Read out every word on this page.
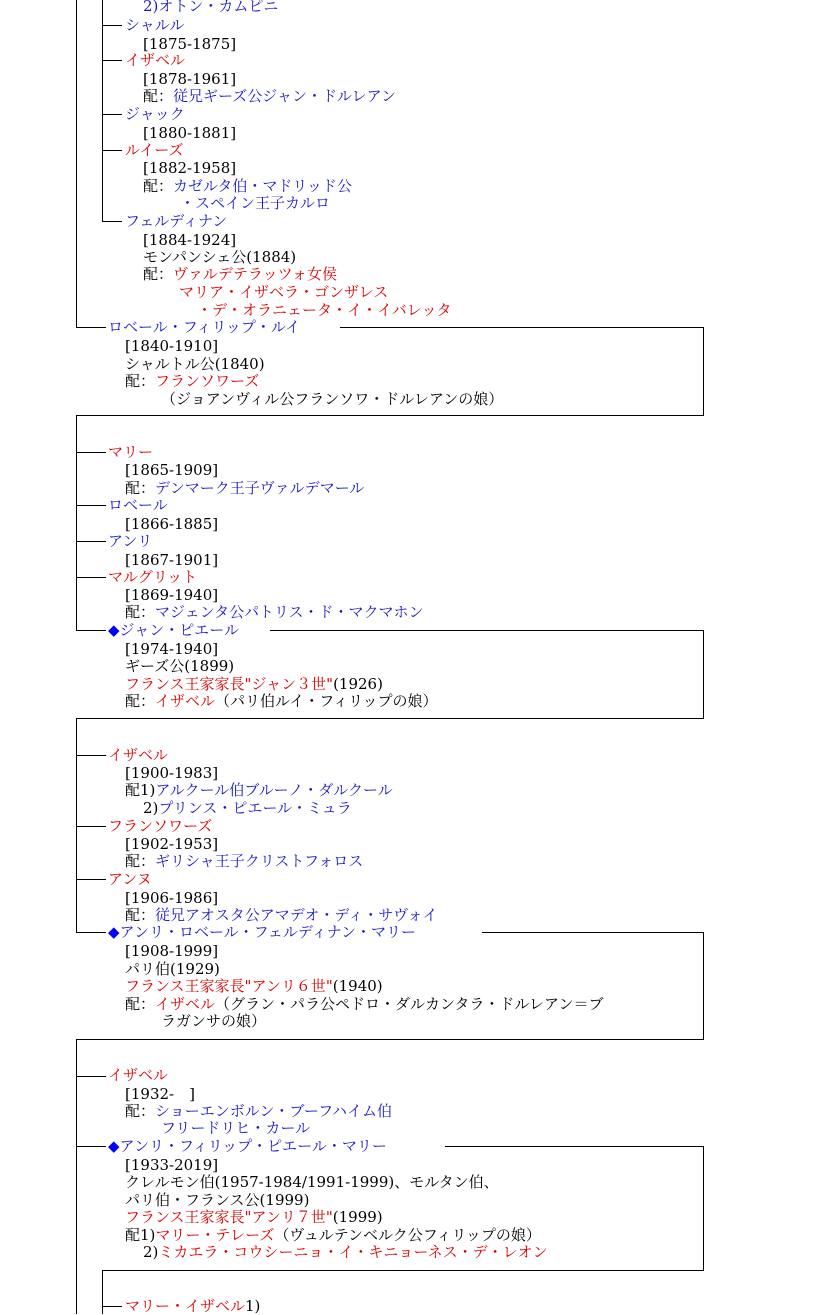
2)オトン・カムピニ
シャルル
[1875-1875]
イザベル
[1878-1961]
配：従兄ギーズ公ジャン・ドルレアン
ジャック
[1880-1881]
ルイーズ
[1882-1958]
配：カゼルタ伯・マドリッド公
・スペイン王子カルロ
フェルディナン
[1884-1924]
モンパンシェ公(1884)
配：ヴァルデテラッツォ女侯
マリア・イザベラ・ゴンザレス
・デ・オラニェータ・イ・イバレッタ
ロベール・フィリップ・ルイ
[1840-1910]
シャルトル公(1840)
配：フランソワーズ
（ジョアンヴィル公フランソワ・ドルレアンの娘）
マリー
[1865-1909]
配：デンマーク王子ヴァルデマール
ロベール
[1866-1885]
アンリ
[1867-1901]
マルグリット
[1869-1940]
配：マジェンタ公パトリス・ド・マクマホン
◆ジャン・ピエール
[1974-1940]
ギーズ公(1899)
フランス王家家長"ジャン３世"(1926)
配：イザベル（パリ伯ルイ・フィリップの娘）
イザベル
[1900-1983]
配1)アルクール伯ブルーノ・ダルクール
2)プリンス・ピエール・ミュラ
フランソワーズ
[1902-1953]
配：ギリシャ王子クリストフォロス
アンヌ
[1906-1986]
配：従兄アオスタ公アマデオ・ディ・サヴォイ
◆アンリ・ロベール・フェルディナン・マリー
[1908-1999]
パリ伯(1929)
フランス王家家長"アンリ６世"(1940)
配：イザベル（グラン・パラ公ペドロ・ダルカンタラ・ドルレアン＝ブ
ラガンサの娘）
イザベル
[1932-　]
配：ショーエンボルン・ブーフハイム伯
フリードリヒ・カール
◆アンリ・フィリップ・ピエール・マリー
[1933-2019]
クレルモン伯(1957-1984/1991-1999)、モルタン伯、
パリ伯・フランス公(1999)
フランス王家家長"アンリ７世"(1999)
配1)マリー・テレーズ（ヴュルテンベルク公フィリップの娘）
2)ミカエラ・コウシーニョ・イ・キニョーネス・デ・レオン
マリー・イザベル1)
